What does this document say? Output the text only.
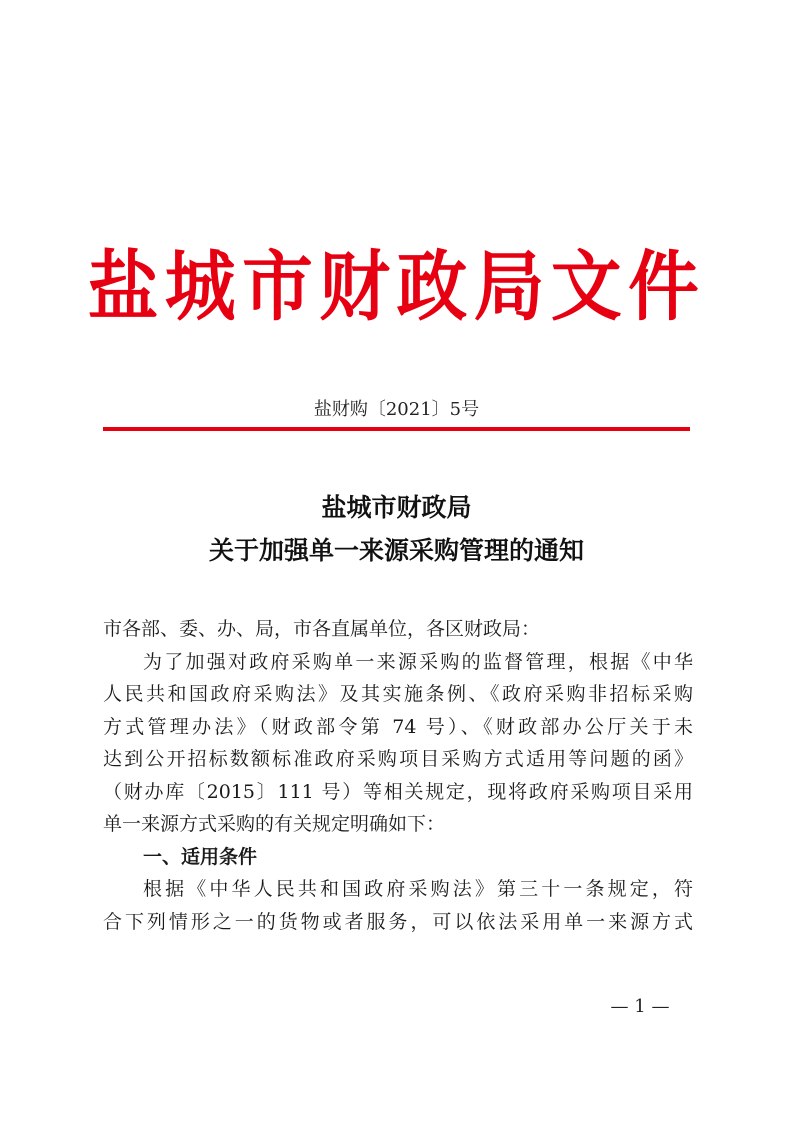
盐城市财政局文件
盐财购〔2021〕5号
盐城市财政局
关于加强单一来源采购管理的通知
市各部、委、办、局，市各直属单位，各区财政局：
为了加强对政府采购单一来源采购的监督管理，根据《中华
人民共和国政府采购法》及其实施条例、《政府采购非招标采购
方式管理办法》（财政部令第 74 号）、《财政部办公厅关于未
达到公开招标数额标准政府采购项目采购方式适用等问题的函》
（财办库〔2015〕111 号）等相关规定，现将政府采购项目采用
单一来源方式采购的有关规定明确如下：
一、适用条件
根据《中华人民共和国政府采购法》第三十一条规定，符
合下列情形之一的货物或者服务，可以依法采用单一来源方式
— 1 —
